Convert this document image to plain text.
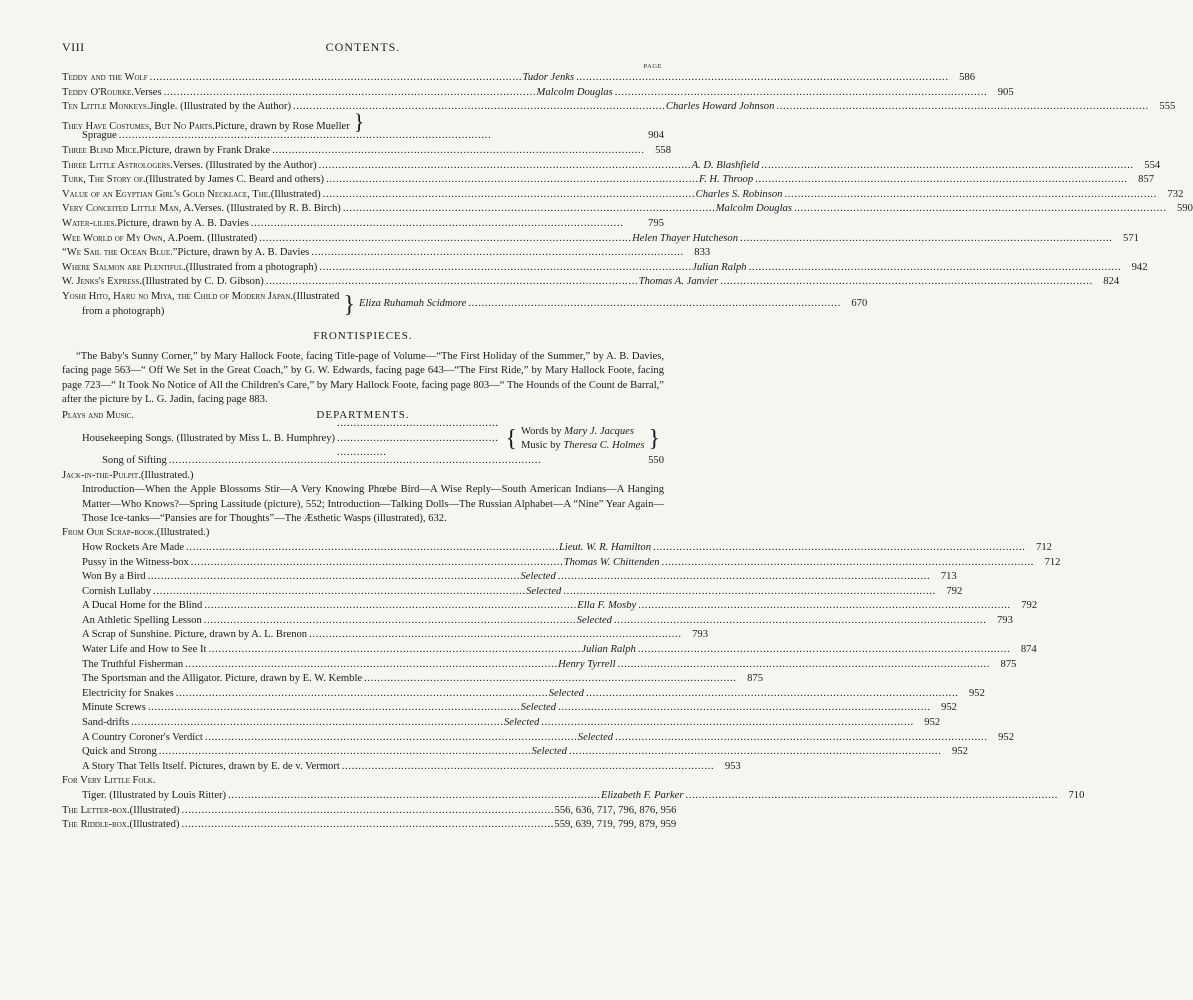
VIII	CONTENTS.
PAGE
Teddy and the Wolf . . .	Tudor Jenks . . .	586
Teddy O'Rourke. Verses . . .	Malcolm Douglas . . .	905
Ten Little Monkeys. Jingle. (Illustrated by the Author) . . .	Charles Howard Johnson . . .	555
They Have Costumes, But No Parts. Picture, drawn by Rose Mueller }
Sprague . . .	904
Three Blind Mice. Picture, drawn by Frank Drake . . .	558
Three Little Astrologers. Verses. (Illustrated by the Author) . . .	A. D. Blashfield . . .	554
Turk, The Story of. (Illustrated by James C. Beard and others) . . .	F. H. Throop . . .	857
Value of an Egyptian Girl's Gold Necklace, The. (Illustrated) . . .	Charles S. Robinson . . .	732
Very Conceited Little Man, A. Verses. (Illustrated by R. B. Birch) . . .	Malcolm Douglas . . .	590
Water-lilies. Picture, drawn by A. B. Davies . . .	795
Wee World of My Own, A. Poem. (Illustrated) . . .	Helen Thayer Hutcheson . . .	571
“We Sail the Ocean Blue.” Picture, drawn by A. B. Davies . . .	833
Where Salmon are Plentiful. (Illustrated from a photograph) . . .	Julian Ralph . . .	942
W. Jenks's Express. (Illustrated by C. D. Gibson) . . .	Thomas A. Janvier . . .	824
Yoshi Hito, Haru no Miya, the Child of Modern Japan. (Illustrated
from a photograph)	} Eliza Ruhamah Scidmore . . .	670
FRONTISPIECES.
“The Baby's Sunny Corner,” by Mary Hallock Foote, facing Title-page of Volume—“The First Holiday of the Summer,” by A. B. Davies, facing page 563—“ Off We Set in the Great Coach,” by G. W. Edwards, facing page 643—“The First Ride,” by Mary Hallock Foote, facing page 723—“ It Took No Notice of All the Children's Care,” by Mary Hallock Foote, facing page 803—“ The Hounds of the Count de Barral,” after the picture by L. G. Jadin, facing page 883.
Plays and Music.	DEPARTMENTS.
Housekeeping Songs. (Illustrated by Miss L. B. Humphrey) . . .	{ Words by Mary J. Jacques
Music by Theresa C. Holmes }
Song of Sifting . . .	550
Jack-in-the-Pulpit. (Illustrated.)
Introduction—When the Apple Blossoms Stir—A Very Knowing Phœbe Bird—A Wise Reply—South American Indians—A Hanging Matter—Who Knows?—Spring Lassitude (picture), 552; Introduction—Talking Dolls—The Russian Alphabet—A “Nine” Year Again—Those Ice-tanks—“Pansies are for Thoughts”—The Æsthetic Wasps (illustrated), 632.
From Our Scrap-book. (Illustrated.)
How Rockets Are Made . . .	Lieut. W. R. Hamilton . . .	712
Pussy in the Witness-box . . .	Thomas W. Chittenden . . .	712
Won By a Bird . . .	Selected . . .	713
Cornish Lullaby . . .	Selected . . .	792
A Ducal Home for the Blind . . .	Ella F. Mosby . . .	792
An Athletic Spelling Lesson . . .	Selected . . .	793
A Scrap of Sunshine. Picture, drawn by A. L. Brenon . . .	793
Water Life and How to See It . . .	Julian Ralph . . .	874
The Truthful Fisherman . . .	Henry Tyrrell . . .	875
The Sportsman and the Alligator. Picture, drawn by E. W. Kemble . . .	875
Electricity for Snakes . . .	Selected . . .	952
Minute Screws . . .	Selected . . .	952
Sand-drifts . . .	Selected . . .	952
A Country Coroner's Verdict . . .	Selected . . .	952
Quick and Strong . . .	Selected . . .	952
A Story That Tells Itself. Pictures, drawn by E. de v. Vermort . . .	953
For Very Little Folk.
Tiger. (Illustrated by Louis Ritter) . . .	Elizabeth F. Parker . . .	710
The Letter-box. (Illustrated) . . .	556, 636, 717, 796, 876, 956
The Riddle-box. (Illustrated) . . .	559, 639, 719, 799, 879, 959
